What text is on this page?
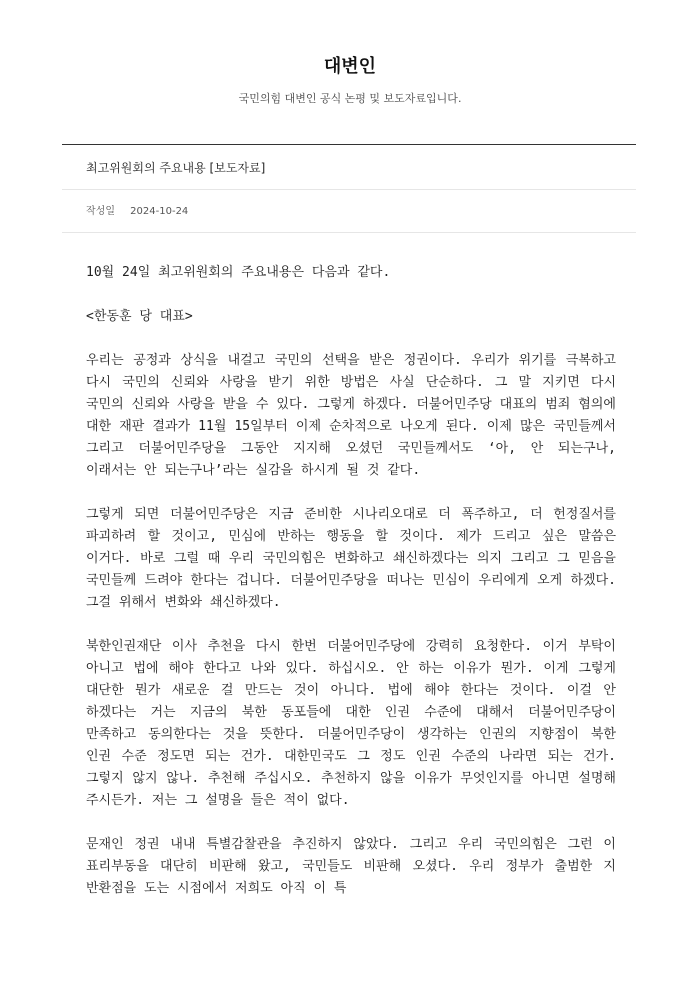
대변인
국민의힘 대변인 공식 논평 및 보도자료입니다.
최고위원회의 주요내용 [보도자료]
작성일 2024-10-24

10월 24일 최고위원회의 주요내용은 다음과 같다.

<한동훈 당 대표>

우리는 공정과 상식을 내걸고 국민의 선택을 받은 정권이다. 우리가 위기를 극복하고 다시 국민의 신뢰와 사랑을 받기 위한 방법은 사실 단순하다. 그 말 지키면 다시 국민의 신뢰와 사랑을 받을 수 있다. 그렇게 하겠다. 더불어민주당 대표의 범죄 혐의에 대한 재판 결과가 11월 15일부터 이제 순차적으로 나오게 된다. 이제 많은 국민들께서 그리고 더불어민주당을 그동안 지지해 오셨던 국민들께서도 ‘아, 안 되는구나, 이래서는 안 되는구나’라는 실감을 하시게 될 것 같다.

그렇게 되면 더불어민주당은 지금 준비한 시나리오대로 더 폭주하고, 더 헌정질서를 파괴하려 할 것이고, 민심에 반하는 행동을 할 것이다. 제가 드리고 싶은 말씀은 이거다. 바로 그럴 때 우리 국민의힘은 변화하고 쇄신하겠다는 의지 그리고 그 믿음을 국민들께 드려야 한다는 겁니다. 더불어민주당을 떠나는 민심이 우리에게 오게 하겠다. 그걸 위해서 변화와 쇄신하겠다.

북한인권재단 이사 추천을 다시 한번 더불어민주당에 강력히 요청한다. 이거 부탁이 아니고 법에 해야 한다고 나와 있다. 하십시오. 안 하는 이유가 뭔가. 이게 그렇게 대단한 뭔가 새로운 걸 만드는 것이 아니다. 법에 해야 한다는 것이다. 이걸 안 하겠다는 거는 지금의 북한 동포들에 대한 인권 수준에 대해서 더불어민주당이 만족하고 동의한다는 것을 뜻한다. 더불어민주당이 생각하는 인권의 지향점이 북한 인권 수준 정도면 되는 건가. 대한민국도 그 정도 인권 수준의 나라면 되는 건가. 그렇지 않지 않나. 추천해 주십시오. 추천하지 않을 이유가 무엇인지를 아니면 설명해 주시든가. 저는 그 설명을 들은 적이 없다.

문재인 정권 내내 특별감찰관을 추진하지 않았다. 그리고 우리 국민의힘은 그런 이 표리부동을 대단히 비판해 왔고, 국민들도 비판해 오셨다. 우리 정부가 출범한 지 반환점을 도는 시점에서 저희도 아직 이 특
